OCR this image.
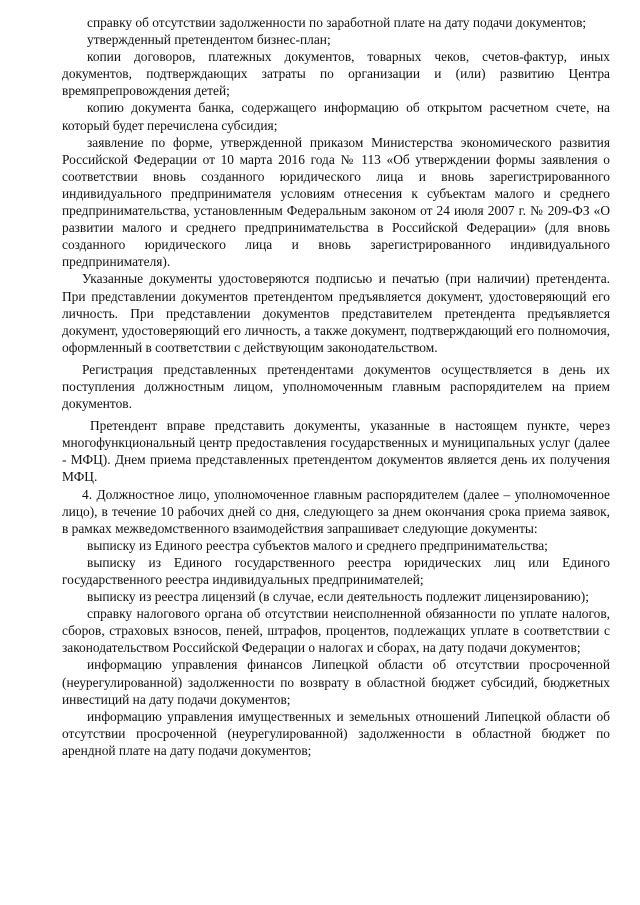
справку об отсутствии задолженности по заработной плате на дату подачи документов;

утвержденный претендентом бизнес-план;

копии договоров, платежных документов, товарных чеков, счетов-фактур, иных документов, подтверждающих затраты по организации и (или) развитию Центра времяпрепровождения детей;

копию документа банка, содержащего информацию об открытом расчетном счете, на который будет перечислена субсидия;

заявление по форме, утвержденной приказом Министерства экономического развития Российской Федерации от 10 марта 2016 года № 113 «Об утверждении формы заявления о соответствии вновь созданного юридического лица и вновь зарегистрированного индивидуального предпринимателя условиям отнесения к субъектам малого и среднего предпринимательства, установленным Федеральным законом от 24 июля 2007 г. № 209-ФЗ «О развитии малого и среднего предпринимательства в Российской Федерации» (для вновь созданного юридического лица и вновь зарегистрированного индивидуального предпринимателя).

Указанные документы удостоверяются подписью и печатью (при наличии) претендента. При представлении документов претендентом предъявляется документ, удостоверяющий его личность. При представлении документов представителем претендента предъявляется документ, удостоверяющий его личность, а также документ, подтверждающий его полномочия, оформленный в соответствии с действующим законодательством.

Регистрация представленных претендентами документов осуществляется в день их поступления должностным лицом, уполномоченным главным распорядителем на прием документов.

Претендент вправе представить документы, указанные в настоящем пункте, через многофункциональный центр предоставления государственных и муниципальных услуг (далее - МФЦ). Днем приема представленных претендентом документов является день их получения МФЦ.

4. Должностное лицо, уполномоченное главным распорядителем (далее – уполномоченное лицо), в течение 10 рабочих дней со дня, следующего за днем окончания срока приема заявок, в рамках межведомственного взаимодействия запрашивает следующие документы:

выписку из Единого реестра субъектов малого и среднего предпринимательства;

выписку из Единого государственного реестра юридических лиц или Единого государственного реестра индивидуальных предпринимателей;

выписку из реестра лицензий (в случае, если деятельность подлежит лицензированию);

справку налогового органа об отсутствии неисполненной обязанности по уплате налогов, сборов, страховых взносов, пеней, штрафов, процентов, подлежащих уплате в соответствии с законодательством Российской Федерации о налогах и сборах, на дату подачи документов;

информацию управления финансов Липецкой области об отсутствии просроченной (неурегулированной) задолженности по возврату в областной бюджет субсидий, бюджетных инвестиций на дату подачи документов;

информацию управления имущественных и земельных отношений Липецкой области об отсутствии просроченной (неурегулированной) задолженности в областной бюджет по арендной плате на дату подачи документов;
